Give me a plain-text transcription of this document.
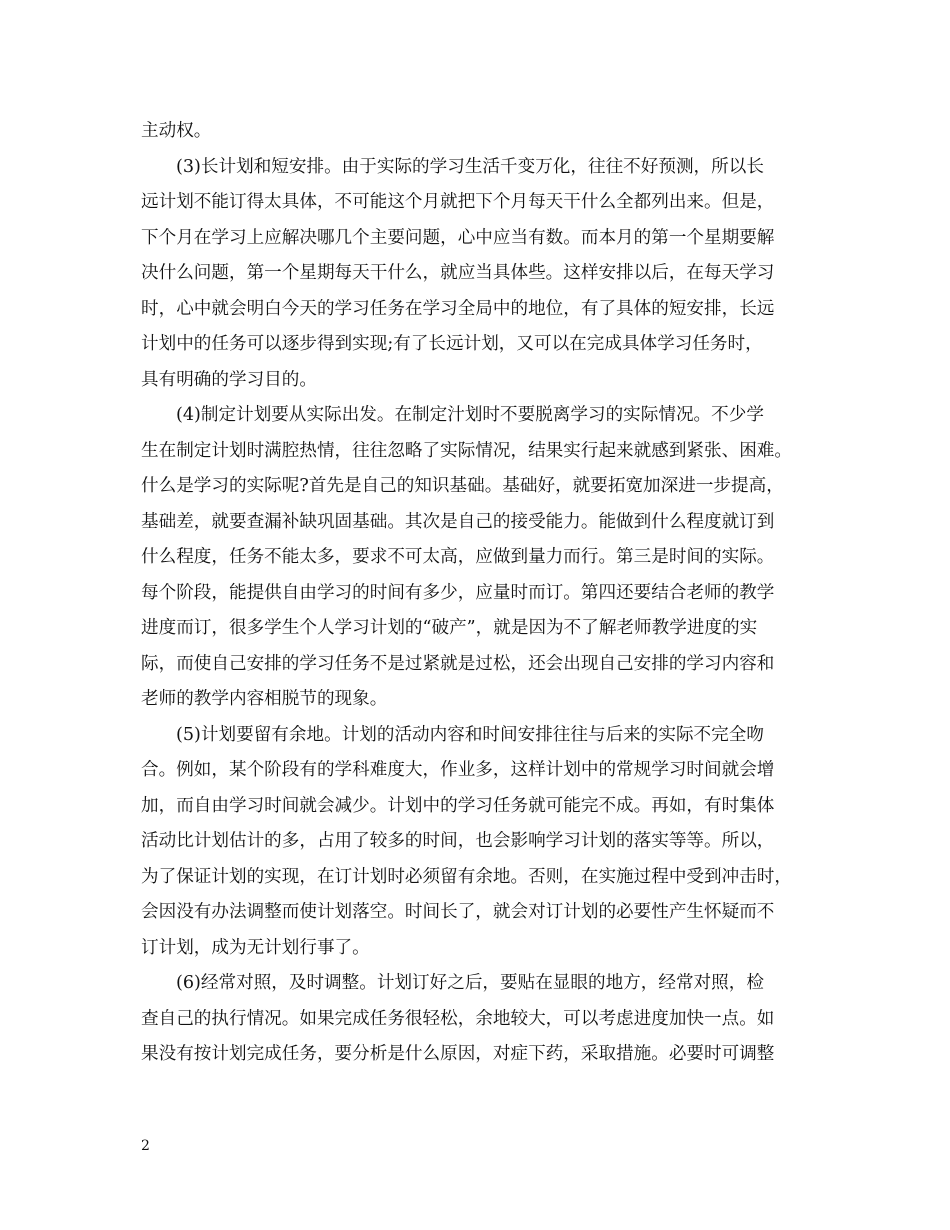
主动权。
(3)长计划和短安排。由于实际的学习生活千变万化，往往不好预测，所以长
远计划不能订得太具体，不可能这个月就把下个月每天干什么全都列出来。但是，
下个月在学习上应解决哪几个主要问题，心中应当有数。而本月的第一个星期要解
决什么问题，第一个星期每天干什么，就应当具体些。这样安排以后，在每天学习
时，心中就会明白今天的学习任务在学习全局中的地位，有了具体的短安排，长远
计划中的任务可以逐步得到实现;有了长远计划，又可以在完成具体学习任务时，
具有明确的学习目的。
(4)制定计划要从实际出发。在制定汁划时不要脱离学习的实际情况。不少学
生在制定计划时满腔热情，往往忽略了实际情况，结果实行起来就感到紧张、困难。
什么是学习的实际呢?首先是自己的知识基础。基础好，就要拓宽加深进一步提高，
基础差，就要查漏补缺巩固基础。其次是自己的接受能力。能做到什么程度就订到
什么程度，任务不能太多，要求不可太高，应做到量力而行。第三是时间的实际。
每个阶段，能提供自由学习的时间有多少，应量时而订。第四还要结合老师的教学
进度而订，很多学生个人学习计划的“破产”，就是因为不了解老师教学进度的实
际，而使自己安排的学习任务不是过紧就是过松，还会出现自己安排的学习内容和
老师的教学内容相脱节的现象。
(5)计划要留有余地。计划的活动内容和时间安排往往与后来的实际不完全吻
合。例如，某个阶段有的学科难度大，作业多，这样计划中的常规学习时间就会增
加，而自由学习时间就会减少。计划中的学习任务就可能完不成。再如，有时集体
活动比计划估计的多，占用了较多的时间，也会影响学习计划的落实等等。所以，
为了保证计划的实现，在订计划时必须留有余地。否则，在实施过程中受到冲击时，
会因没有办法调整而使计划落空。时间长了，就会对订计划的必要性产生怀疑而不
订计划，成为无计划行事了。
(6)经常对照，及时调整。计划订好之后，要贴在显眼的地方，经常对照，检
查自己的执行情况。如果完成任务很轻松，余地较大，可以考虑进度加快一点。如
果没有按计划完成任务，要分析是什么原因，对症下药，采取措施。必要时可调整
2
